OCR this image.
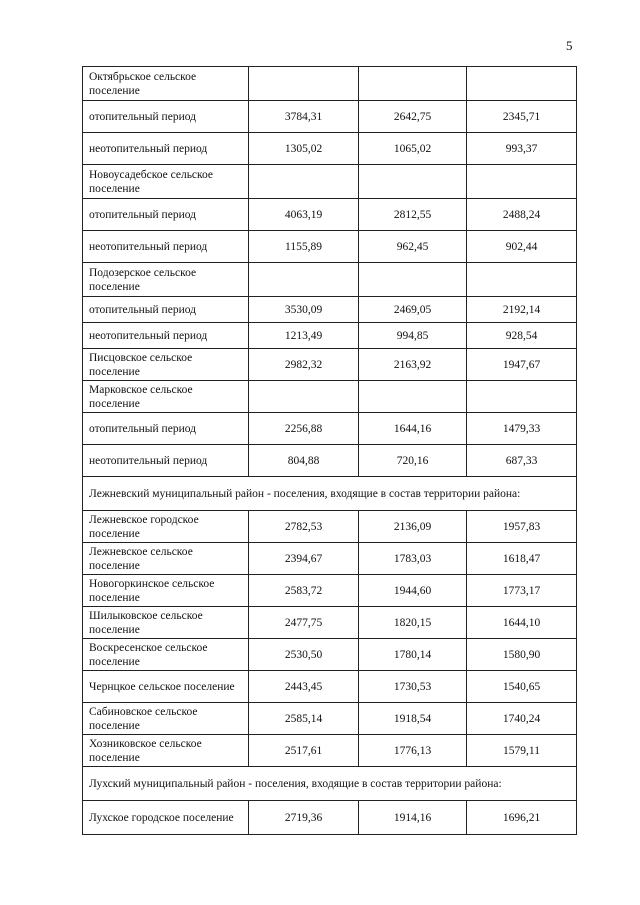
5
Октябрьское сельское поселение			
отопительный период	3784,31	2642,75	2345,71
неотопительный период	1305,02	1065,02	993,37
Новоусадебское сельское поселение			
отопительный период	4063,19	2812,55	2488,24
неотопительный период	1155,89	962,45	902,44
Подозерское сельское поселение			
отопительный период	3530,09	2469,05	2192,14
неотопительный период	1213,49	994,85	928,54
Писцовское сельское поселение	2982,32	2163,92	1947,67
Марковское сельское поселение			
отопительный период	2256,88	1644,16	1479,33
неотопительный период	804,88	720,16	687,33
Лежневский муниципальный район - поселения, входящие в состав территории района:			
Лежневское городское поселение	2782,53	2136,09	1957,83
Лежневское сельское поселение	2394,67	1783,03	1618,47
Новогоркинское сельское поселение	2583,72	1944,60	1773,17
Шилыковское сельское поселение	2477,75	1820,15	1644,10
Воскресенское сельское поселение	2530,50	1780,14	1580,90
Чернцкое сельское поселение	2443,45	1730,53	1540,65
Сабиновское сельское поселение	2585,14	1918,54	1740,24
Хозниковское сельское поселение	2517,61	1776,13	1579,11
Лухский муниципальный район - поселения, входящие в состав территории района:			
Лухское городское поселение	2719,36	1914,16	1696,21
